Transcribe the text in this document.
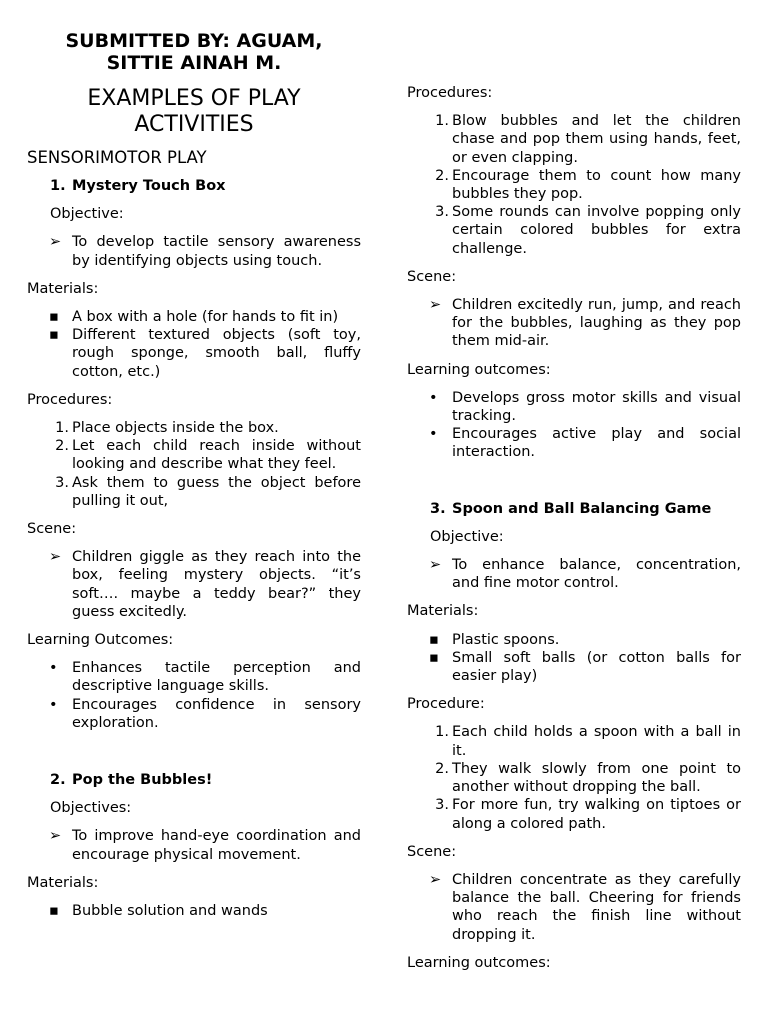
SUBMITTED BY: AGUAM,
SITTIE AINAH M.
EXAMPLES OF PLAY
ACTIVITIES
SENSORIMOTOR PLAY
1. Mystery Touch Box
Objective:
➢ To develop tactile sensory awareness by identifying objects using touch.
Materials:
▪ A box with a hole (for hands to fit in)
▪ Different textured objects (soft toy, rough sponge, smooth ball, fluffy cotton, etc.)
Procedures:
1. Place objects inside the box.
2. Let each child reach inside without looking and describe what they feel.
3. Ask them to guess the object before pulling it out,
Scene:
➢ Children giggle as they reach into the box, feeling mystery objects. “it’s soft…. maybe a teddy bear?” they guess excitedly.
Learning Outcomes:
• Enhances tactile perception and descriptive language skills.
• Encourages confidence in sensory exploration.
2. Pop the Bubbles!
Objectives:
➢ To improve hand-eye coordination and encourage physical movement.
Materials:
▪ Bubble solution and wands
Procedures:
1. Blow bubbles and let the children chase and pop them using hands, feet, or even clapping.
2. Encourage them to count how many bubbles they pop.
3. Some rounds can involve popping only certain colored bubbles for extra challenge.
Scene:
➢ Children excitedly run, jump, and reach for the bubbles, laughing as they pop them mid-air.
Learning outcomes:
• Develops gross motor skills and visual tracking.
• Encourages active play and social interaction.
3. Spoon and Ball Balancing Game
Objective:
➢ To enhance balance, concentration, and fine motor control.
Materials:
▪ Plastic spoons.
▪ Small soft balls (or cotton balls for easier play)
Procedure:
1. Each child holds a spoon with a ball in it.
2. They walk slowly from one point to another without dropping the ball.
3. For more fun, try walking on tiptoes or along a colored path.
Scene:
➢ Children concentrate as they carefully balance the ball. Cheering for friends who reach the finish line without dropping it.
Learning outcomes:
